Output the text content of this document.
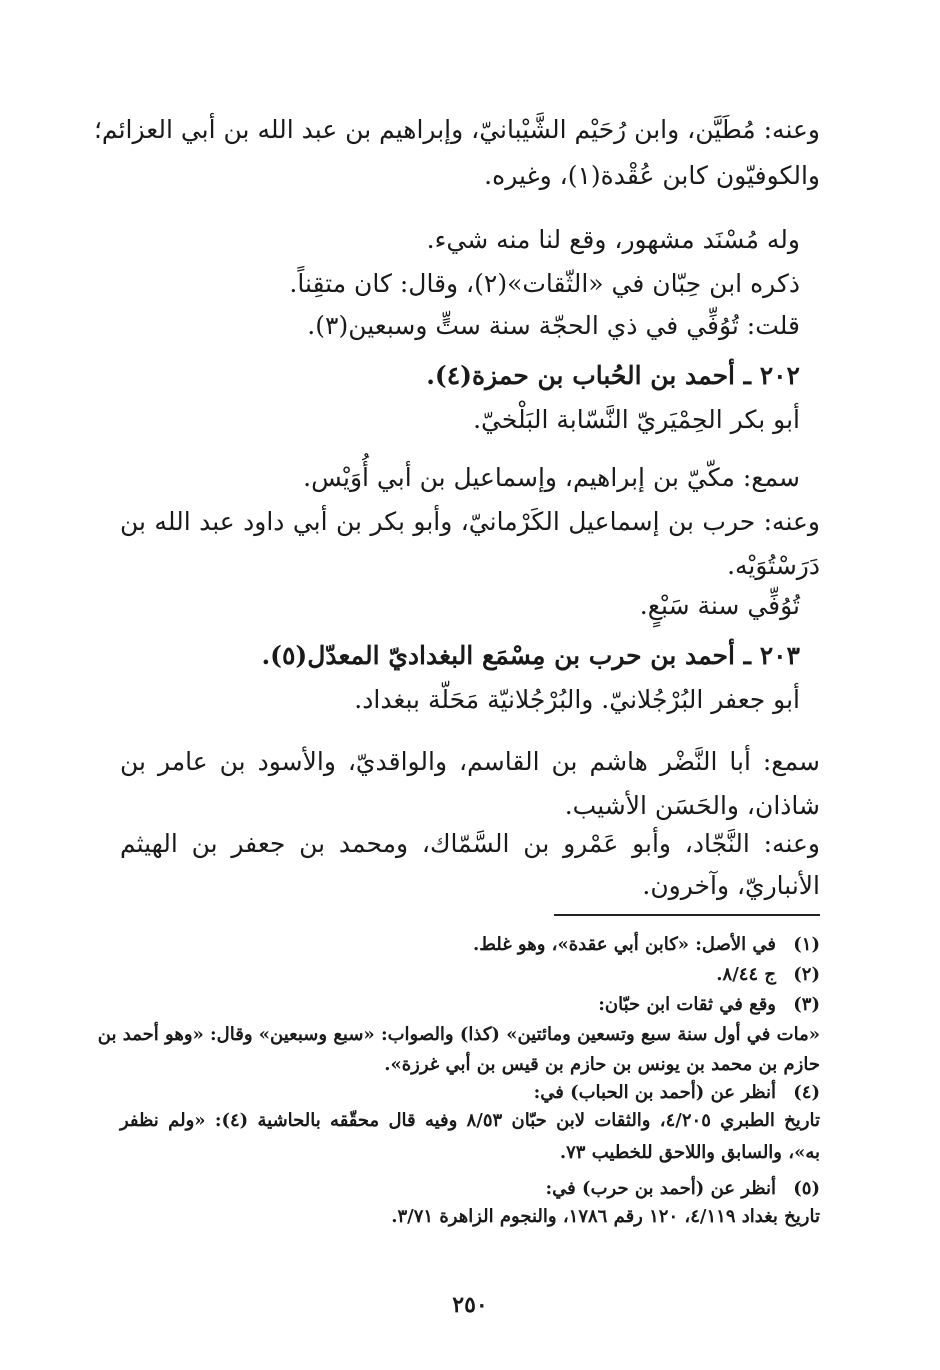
وعنه: مُطَيَّن، وابن رُحَيْم الشَّيْبانيّ، وإبراهيم بن عبد الله بن أبي العزائم؛
والكوفيّون كابن عُقْدة(١)، وغيره.
وله مُسْنَد مشهور، وقع لنا منه شيء.
ذكره ابن حِبّان في «الثّقات»(٢)، وقال: كان متقِناً.
قلت: تُوُفِّي في ذي الحجّة سنة ستٍّ وسبعين(٣).
٢٠٢ ـ أحمد بن الحُباب بن حمزة(٤).
أبو بكر الحِمْيَريّ النَّسّابة البَلْخيّ.
سمع: مكّيّ بن إبراهيم، وإسماعيل بن أبي أُوَيْس.
وعنه: حرب بن إسماعيل الكَرْمانيّ، وأبو بكر بن أبي داود عبد الله بن
دَرَسْتُوَيْه.
تُوُفِّي سنة سَبْعٍ.
٢٠٣ ـ أحمد بن حرب بن مِسْمَع البغداديّ المعدّل(٥).
أبو جعفر البُرْجُلانيّ. والبُرْجُلانيّة مَحَلّة ببغداد.
سمع: أبا النَّضْر هاشم بن القاسم، والواقديّ، والأسود بن عامر بن
شاذان، والحَسَن الأشيب.
وعنه: النَّجّاد، وأبو عَمْرو بن السَّمّاك، ومحمد بن جعفر بن الهيثم
الأنباريّ، وآخرون.
(١)في الأصل: «كابن أبي عقدة»، وهو غلط.
(٢)ج ٨/٤٤.
(٣)وقع في ثقات ابن حبّان:
«مات في أول سنة سبع وتسعين ومائتين» (كذا) والصواب: «سبع وسبعين» وقال: «وهو أحمد بن
حازم بن محمد بن يونس بن حازم بن قيس بن أبي غرزة».
(٤)أنظر عن (أحمد بن الحباب) في:
تاريخ الطبري ٤/٢٠٥، والثقات لابن حبّان ٨/٥٣ وفيه قال محقّقه بالحاشية (٤): «ولم نظفر
به»، والسابق واللاحق للخطيب ٧٣.
(٥)أنظر عن (أحمد بن حرب) في:
تاريخ بغداد ٤/١١٩، ١٢٠ رقم ١٧٨٦، والنجوم الزاهرة ٣/٧١.
٢٥٠
